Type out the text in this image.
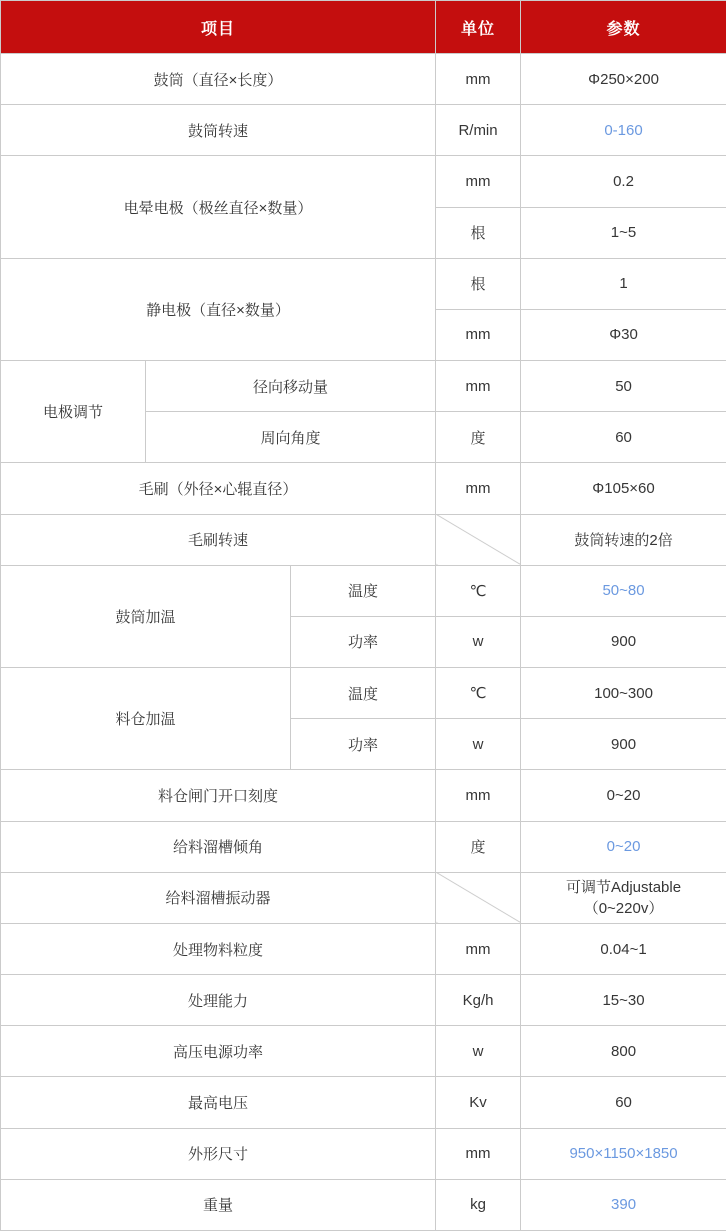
项目			单位	参数
鼓筒（直径×长度）			mm	Φ250×200
鼓筒转速			R/min	0-160
电晕电极（极丝直径×数量）			mm	0.2
			根	1~5
静电极（直径×数量）			根	1
			mm	Φ30
电极调节	径向移动量		mm	50
	周向角度		度	60
毛刷（外径×心辊直径）			mm	Φ105×60
毛刷转速				鼓筒转速的2倍
鼓筒加温		温度	℃	50~80
		功率	w	900
料仓加温		温度	℃	100~300
		功率	w	900
料仓闸门开口刻度			mm	0~20
给料溜槽倾角			度	0~20
给料溜槽振动器				可调节Adjustable
（0~220v）

处理物料粒度			mm	0.04~1
处理能力			Kg/h	15~30
高压电源功率			w	800
最高电压			Kv	60
外形尺寸			mm	950×1150×1850
重量			kg	390
